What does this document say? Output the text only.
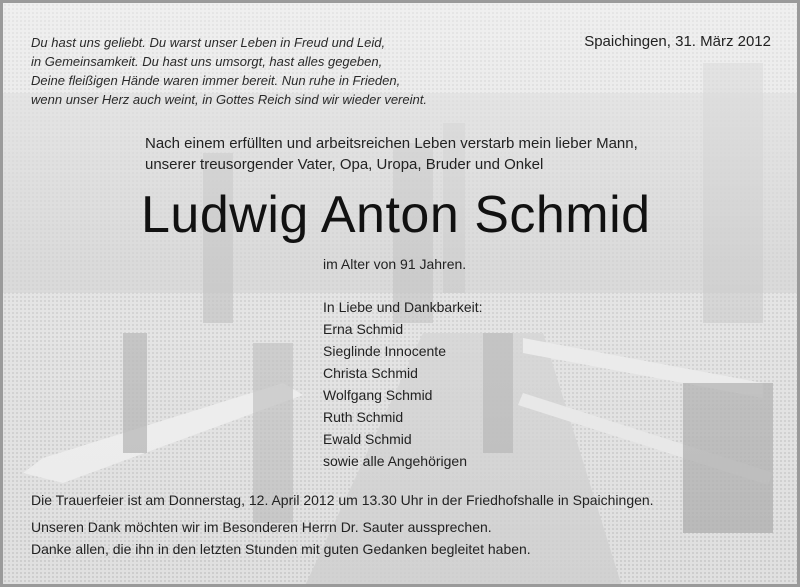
Du hast uns geliebt. Du warst unser Leben in Freud und Leid,
in Gemeinsamkeit. Du hast uns umsorgt, hast alles gegeben,
Deine fleißigen Hände waren immer bereit. Nun ruhe in Frieden,
wenn unser Herz auch weint, in Gottes Reich sind wir wieder vereint.
Spaichingen, 31. März 2012
Nach einem erfüllten und arbeitsreichen Leben verstarb mein lieber Mann,
unserer treusorgender Vater, Opa, Uropa, Bruder und Onkel
Ludwig Anton Schmid
im Alter von 91 Jahren.
In Liebe und Dankbarkeit:
Erna Schmid
Sieglinde Innocente
Christa Schmid
Wolfgang Schmid
Ruth Schmid
Ewald Schmid
sowie alle Angehörigen
Die Trauerfeier ist am Donnerstag, 12. April 2012 um 13.30 Uhr in der Friedhofshalle in Spaichingen.
Unseren Dank möchten wir im Besonderen Herrn Dr. Sauter aussprechen.
Danke allen, die ihn in den letzten Stunden mit guten Gedanken begleitet haben.
